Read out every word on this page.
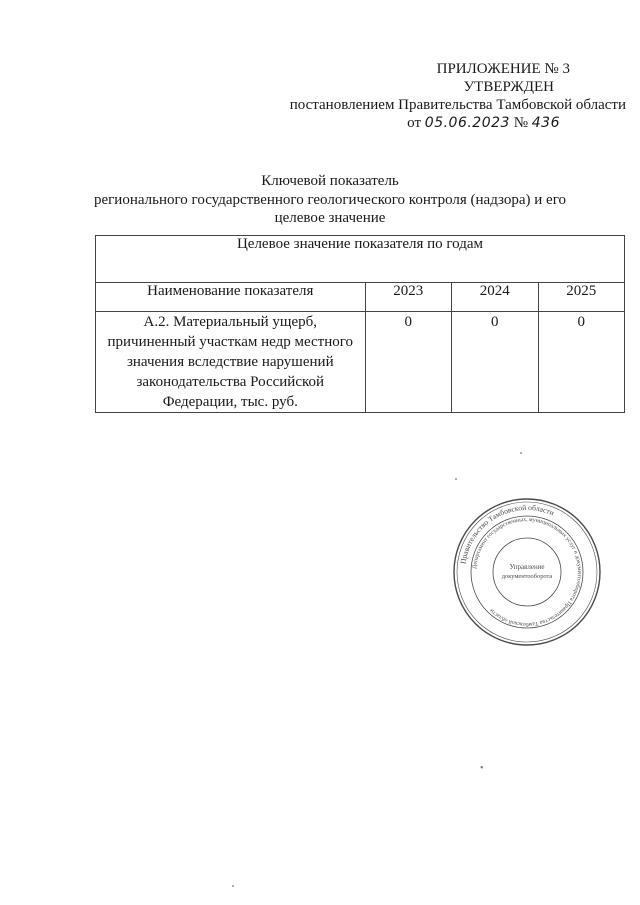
ПРИЛОЖЕНИЕ № 3
УТВЕРЖДЕН
постановлением Правительства Тамбовской области
от 05.06.2023 № 436
Ключевой показатель
регионального государственного геологического контроля (надзора) и его
целевое значение
Целевое значение показателя по годам			
Наименование показателя	2023	2024	2025

А.2. Материальный ущерб,
причиненный участкам недр местного
значения вследствие нарушений
законодательства Российской
Федерации, тыс. руб.	0	0	0
Правительство Тамбовской области
Департамент государственных, муниципальных услуг и документооборота Правительства Тамбовской области
Управление
документооборота
•
